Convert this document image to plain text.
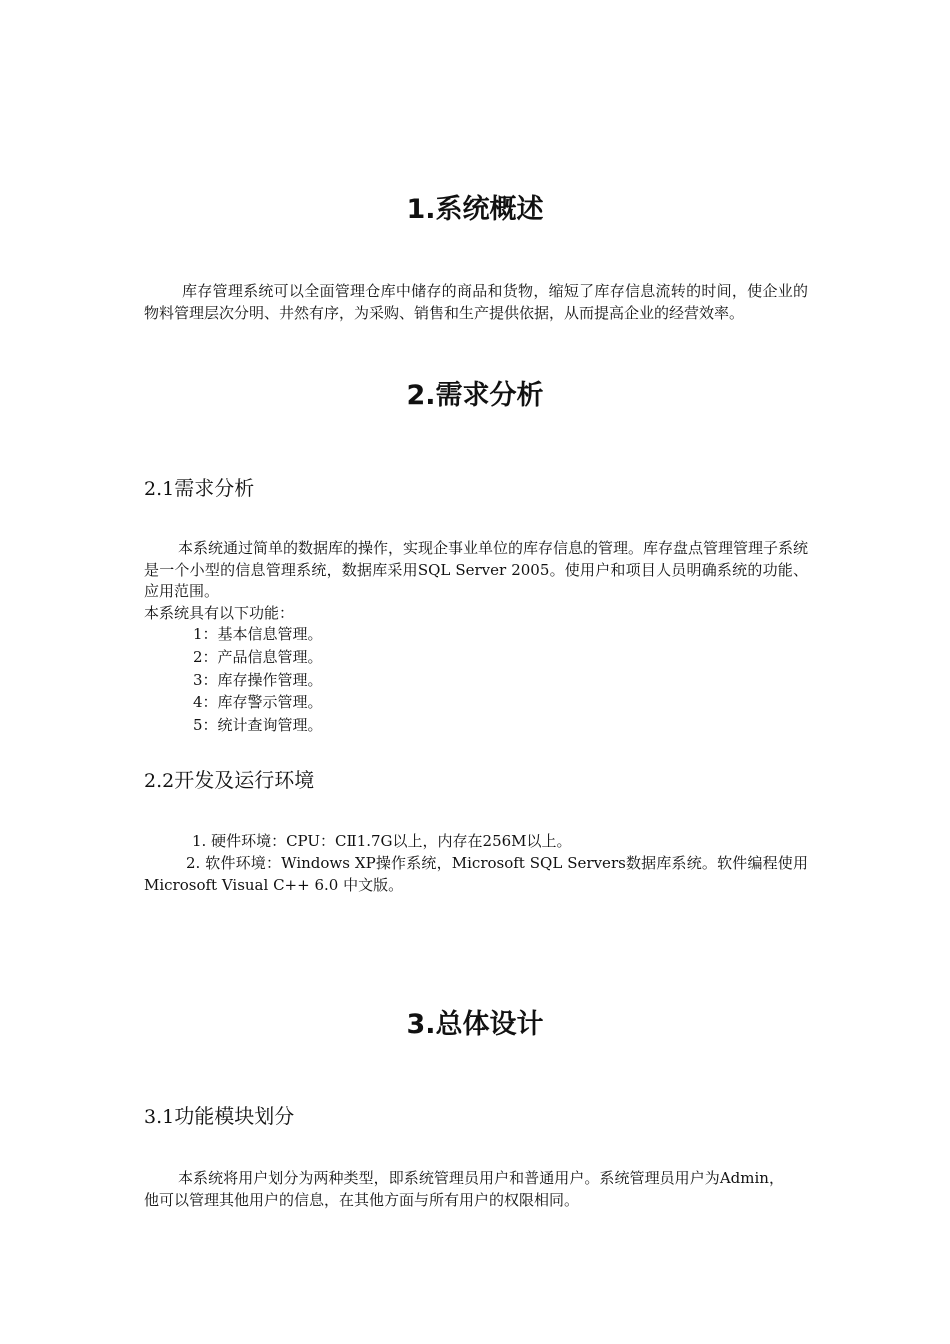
1.系统概述

库存管理系统可以全面管理仓库中储存的商品和货物，缩短了库存信息流转的时间，使企业的物料管理层次分明、井然有序，为采购、销售和生产提供依据，从而提高企业的经营效率。

2.需求分析
2.1需求分析

本系统通过简单的数据库的操作，实现企事业单位的库存信息的管理。库存盘点管理管理子系统是一个小型的信息管理系统，数据库采用SQL Server 2005。使用户和项目人员明确系统的功能、应用范围。

本系统具有以下功能：

1：基本信息管理。
2：产品信息管理。
3：库存操作管理。
4：库存警示管理。
5：统计查询管理。
2.2开发及运行环境

1. 硬件环境：CPU：CⅡ1.7G以上，内存在256M以上。

2. 软件环境：Windows XP操作系统，Microsoft SQL Servers数据库系统。软件编程使用Microsoft Visual C++ 6.0 中文版。

3.总体设计
3.1功能模块划分

本系统将用户划分为两种类型，即系统管理员用户和普通用户。系统管理员用户为Admin，他可以管理其他用户的信息，在其他方面与所有用户的权限相同。
